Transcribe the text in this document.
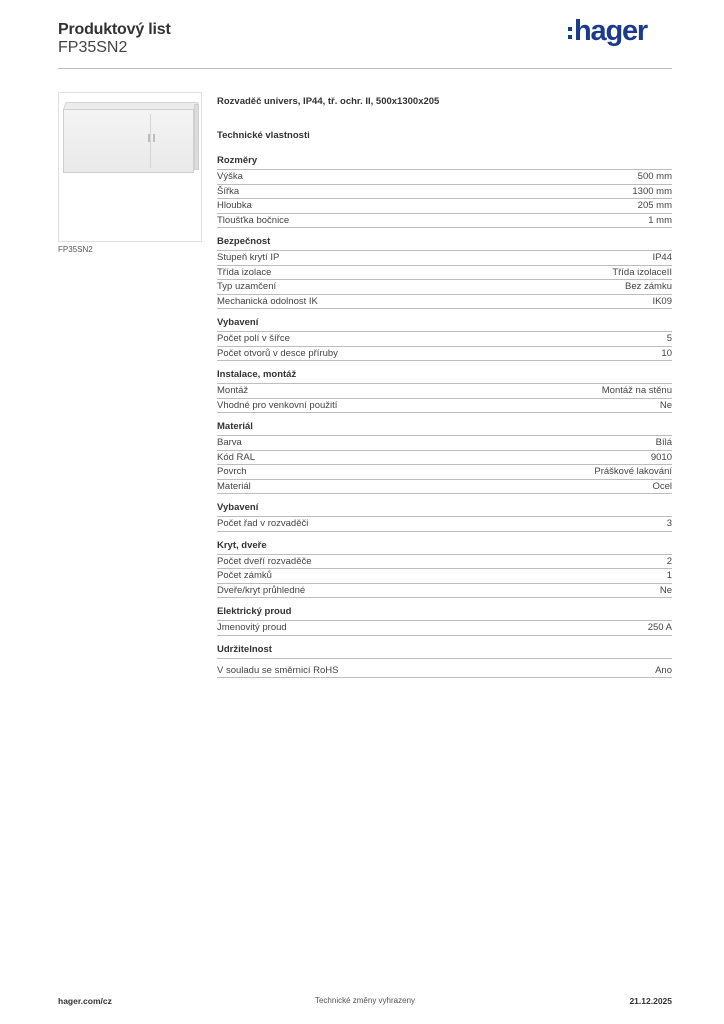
Produktový list
FP35SN2
hager
FP35SN2
Rozvaděč univers, IP44, tř. ochr. II, 500x1300x205
Technické vlastnosti
Rozměry
Výška	500 mm
Šířka	1300 mm
Hloubka	205 mm
Tloušťka bočnice	1 mm
Bezpečnost
Stupeň krytí IP	IP44
Třída izolace	Třída izolaceII
Typ uzamčení	Bez zámku
Mechanická odolnost IK	IK09
Vybavení
Počet polí v šířce	5
Počet otvorů v desce příruby	10
Instalace, montáž
Montáž	Montáž na stěnu
Vhodné pro venkovní použití	Ne
Materiál
Barva	Bílá
Kód RAL	9010
Povrch	Práškové lakování
Materiál	Ocel
Vybavení
Počet řad v rozvaděči	3
Kryt, dveře
Počet dveří rozvaděče	2
Počet zámků	1
Dveře/kryt průhledné	Ne
Elektrický proud
Jmenovitý proud	250 A
Udržitelnost
V souladu se směrnicí RoHS	Ano
hager.com/cz	Technické změny vyhrazeny	21.12.2025
